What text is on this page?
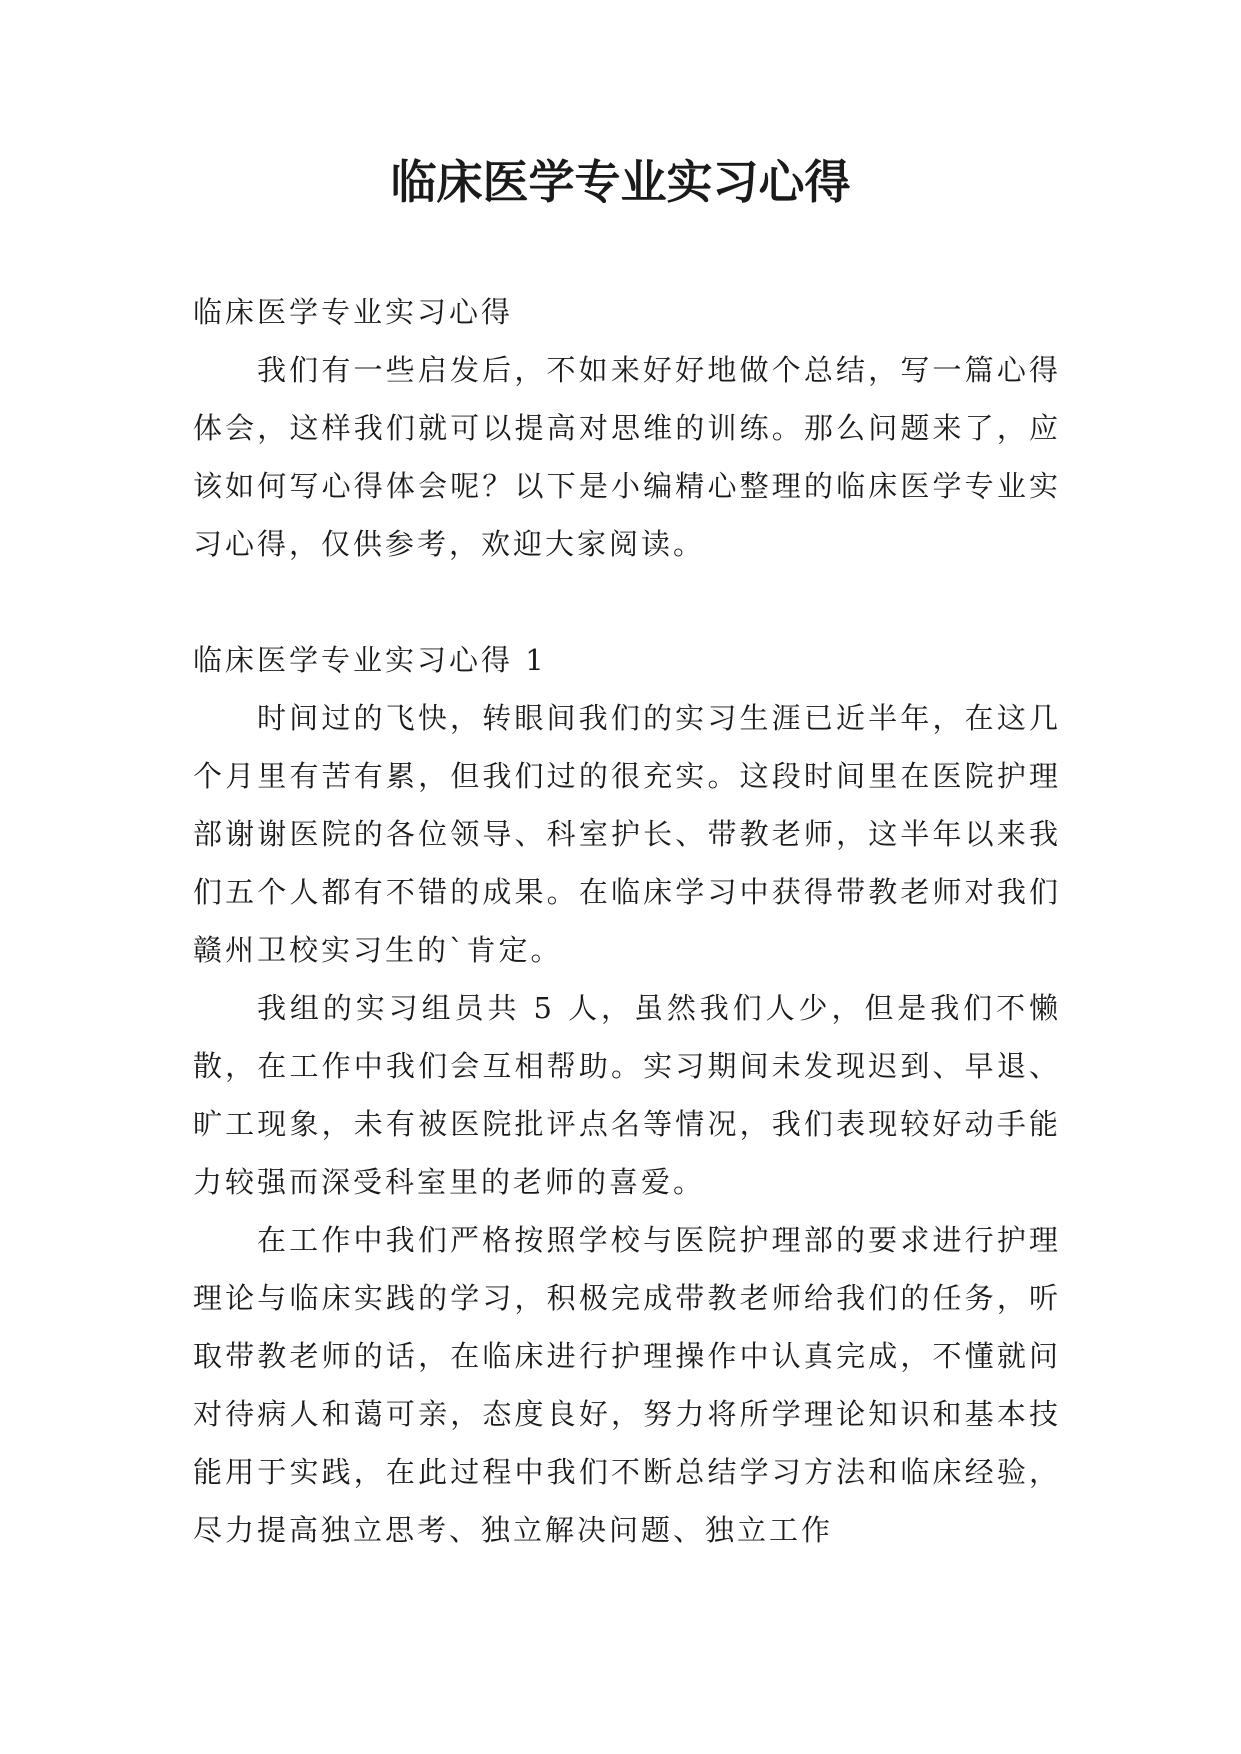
临床医学专业实习心得

临床医学专业实习心得

我们有一些启发后，不如来好好地做个总结，写一篇心得体会，这样我们就可以提高对思维的训练。那么问题来了，应该如何写心得体会呢？以下是小编精心整理的临床医学专业实习心得，仅供参考，欢迎大家阅读。

临床医学专业实习心得 1

时间过的飞快，转眼间我们的实习生涯已近半年，在这几个月里有苦有累，但我们过的很充实。这段时间里在医院护理部谢谢医院的各位领导、科室护长、带教老师，这半年以来我们五个人都有不错的成果。在临床学习中获得带教老师对我们赣州卫校实习生的`肯定。

我组的实习组员共 5 人，虽然我们人少，但是我们不懒散，在工作中我们会互相帮助。实习期间未发现迟到、早退、旷工现象，未有被医院批评点名等情况，我们表现较好动手能力较强而深受科室里的老师的喜爱。

在工作中我们严格按照学校与医院护理部的要求进行护理理论与临床实践的学习，积极完成带教老师给我们的任务，听取带教老师的话，在临床进行护理操作中认真完成，不懂就问对待病人和蔼可亲，态度良好，努力将所学理论知识和基本技能用于实践，在此过程中我们不断总结学习方法和临床经验，尽力提高独立思考、独立解决问题、独立工作
